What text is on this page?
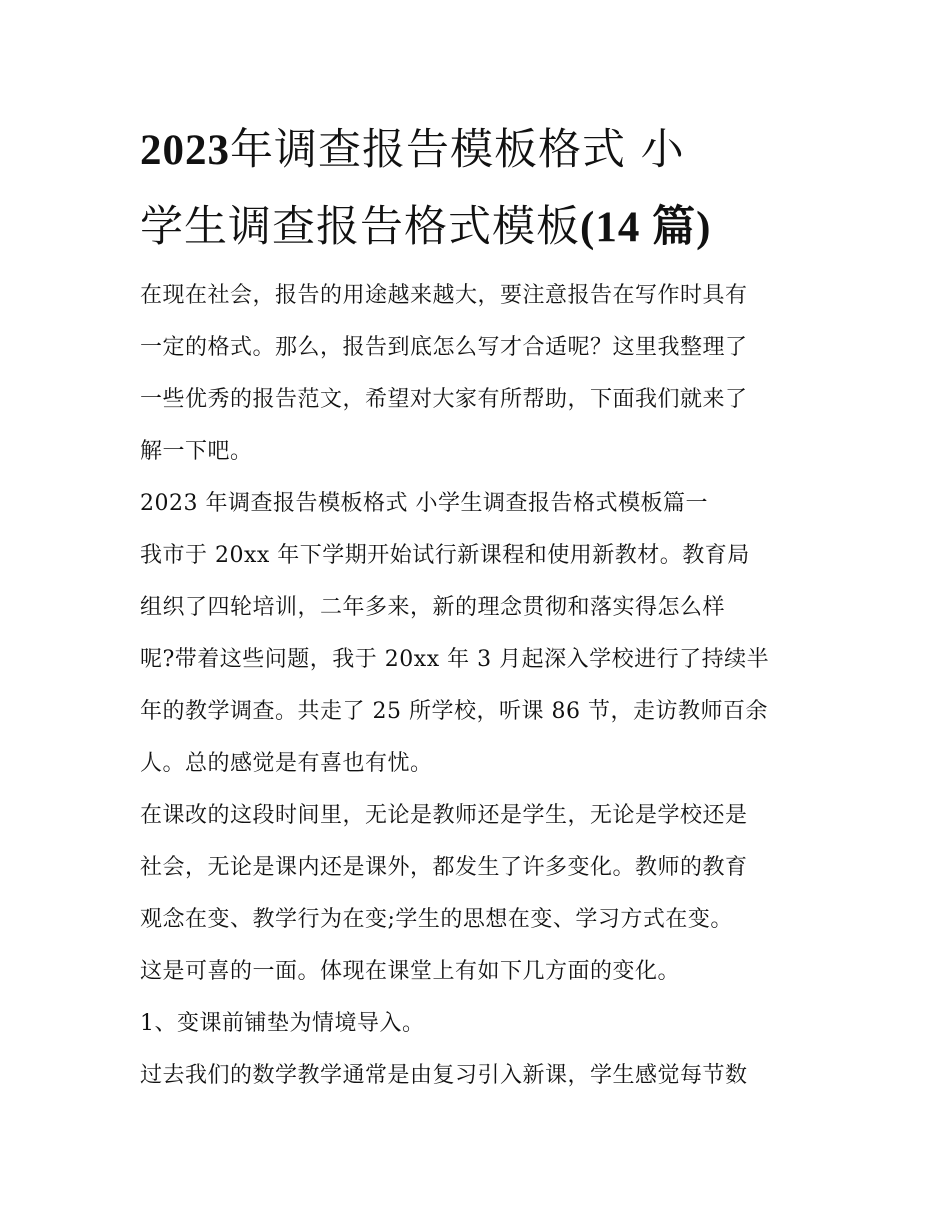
2023年调查报告模板格式 小
学生调查报告格式模板(14 篇)
在现在社会，报告的用途越来越大，要注意报告在写作时具有
一定的格式。那么，报告到底怎么写才合适呢？这里我整理了
一些优秀的报告范文，希望对大家有所帮助，下面我们就来了
解一下吧。
2023 年调查报告模板格式 小学生调查报告格式模板篇一
我市于 20xx 年下学期开始试行新课程和使用新教材。教育局
组织了四轮培训，二年多来，新的理念贯彻和落实得怎么样
呢?带着这些问题，我于 20xx 年 3 月起深入学校进行了持续半
年的教学调查。共走了 25 所学校，听课 86 节，走访教师百余
人。总的感觉是有喜也有忧。
在课改的这段时间里，无论是教师还是学生，无论是学校还是
社会，无论是课内还是课外，都发生了许多变化。教师的教育
观念在变、教学行为在变;学生的思想在变、学习方式在变。
这是可喜的一面。体现在课堂上有如下几方面的变化。
1、变课前铺垫为情境导入。
过去我们的数学教学通常是由复习引入新课，学生感觉每节数
